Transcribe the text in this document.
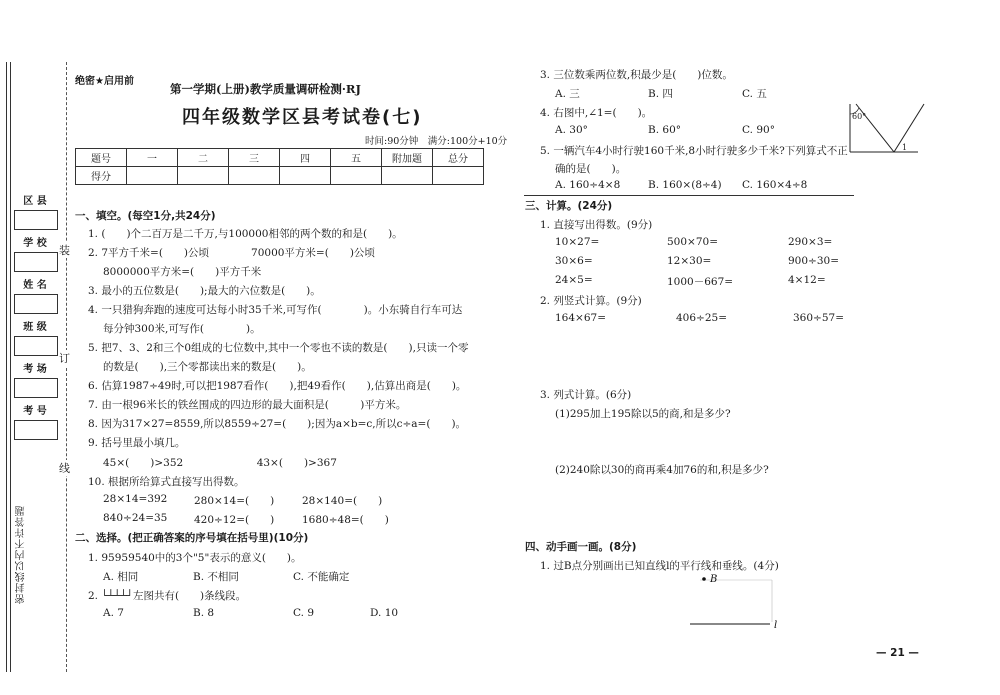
区 县
学 校
姓 名
班 级
考 场
考 号
装
订
线
密封线以内不许答题
绝密★启用前
第一学期(上册)教学质量调研检测·RJ
四年级数学区县考试卷(七)
时间:90分钟　满分:100分+10分
题号	一	二	三	四	五	附加题	总分
得分							
一、填空。(每空1分,共24分)
1. (　　)个二百万是二千万,与100000相邻的两个数的和是(　　)。
2. 7平方千米=(　　)公顷　　　　70000平方米=(　　)公顷
8000000平方米=(　　)平方千米
3. 最小的五位数是(　　);最大的六位数是(　　)。
4. 一只猎狗奔跑的速度可达每小时35千米,可写作(　　　　)。小东骑自行车可达
每分钟300米,可写作(　　　　)。
5. 把7、3、2和三个0组成的七位数中,其中一个零也不读的数是(　　),只读一个零
的数是(　　),三个零都读出来的数是(　　)。
6. 估算1987÷49时,可以把1987看作(　　),把49看作(　　),估算出商是(　　)。
7. 由一根96米长的铁丝围成的四边形的最大面积是(　　　)平方米。
8. 因为317×27=8559,所以8559÷27=(　　);因为a×b=c,所以c÷a=(　　)。
9. 括号里最小填几。
45×(　　)>352　　　　　　　43×(　　)>367
10. 根据所给算式直接写出得数。
28×14=392	280×14=(　　)	28×140=(　　)
840÷24=35	420÷12=(　　)	1680÷48=(　　)
二、选择。(把正确答案的序号填在括号里)(10分)
1. 95959540中的3个"5"表示的意义(　　)。
A. 相同	B. 不相同	C. 不能确定
2. └┴┴┴┘左图共有(　　)条线段。
A. 7	B. 8	C. 9	D. 10
3. 三位数乘两位数,积最少是(　　)位数。
A. 三	B. 四	C. 五
4. 右图中,∠1=(　　)。
A. 30°	B. 60°	C. 90°
60°
1
5. 一辆汽车4小时行驶160千米,8小时行驶多少千米?下列算式不正
确的是(　　)。
A. 160÷4×8	B. 160×(8÷4) C. 160×4÷8
三、计算。(24分)
1. 直接写出得数。(9分)
10×27=	500×70=	290×3=
30×6=	12×30=	900÷30=
24×5=	1000－667=	4×12=
2. 列竖式计算。(9分)
164×67=	406÷25=	360÷57=
3. 列式计算。(6分)
(1)295加上195除以5的商,和是多少?
(2)240除以30的商再乘4加76的和,积是多少?
四、动手画一画。(8分)
1. 过B点分别画出已知直线l的平行线和垂线。(4分)
B
l
— 21 —
